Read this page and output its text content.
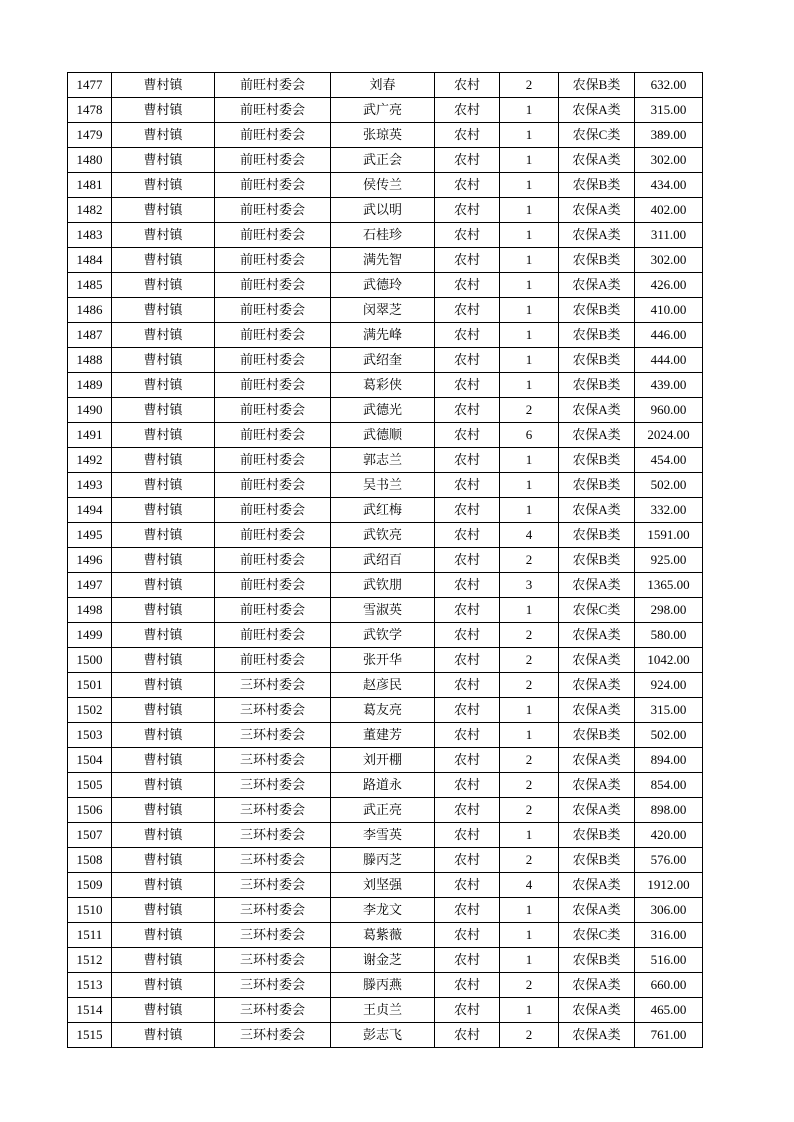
1477	曹村镇	前旺村委会	刘春	农村	2	农保B类	632.00
1478	曹村镇	前旺村委会	武广亮	农村	1	农保A类	315.00
1479	曹村镇	前旺村委会	张琼英	农村	1	农保C类	389.00
1480	曹村镇	前旺村委会	武正会	农村	1	农保A类	302.00
1481	曹村镇	前旺村委会	侯传兰	农村	1	农保B类	434.00
1482	曹村镇	前旺村委会	武以明	农村	1	农保A类	402.00
1483	曹村镇	前旺村委会	石桂珍	农村	1	农保A类	311.00
1484	曹村镇	前旺村委会	满先智	农村	1	农保B类	302.00
1485	曹村镇	前旺村委会	武德玲	农村	1	农保A类	426.00
1486	曹村镇	前旺村委会	闵翠芝	农村	1	农保B类	410.00
1487	曹村镇	前旺村委会	满先峰	农村	1	农保B类	446.00
1488	曹村镇	前旺村委会	武绍奎	农村	1	农保B类	444.00
1489	曹村镇	前旺村委会	葛彩侠	农村	1	农保B类	439.00
1490	曹村镇	前旺村委会	武德光	农村	2	农保A类	960.00
1491	曹村镇	前旺村委会	武德顺	农村	6	农保A类	2024.00
1492	曹村镇	前旺村委会	郭志兰	农村	1	农保B类	454.00
1493	曹村镇	前旺村委会	吴书兰	农村	1	农保B类	502.00
1494	曹村镇	前旺村委会	武红梅	农村	1	农保A类	332.00
1495	曹村镇	前旺村委会	武钦亮	农村	4	农保B类	1591.00
1496	曹村镇	前旺村委会	武绍百	农村	2	农保B类	925.00
1497	曹村镇	前旺村委会	武钦朋	农村	3	农保A类	1365.00
1498	曹村镇	前旺村委会	雪淑英	农村	1	农保C类	298.00
1499	曹村镇	前旺村委会	武钦学	农村	2	农保A类	580.00
1500	曹村镇	前旺村委会	张开华	农村	2	农保A类	1042.00
1501	曹村镇	三环村委会	赵彦民	农村	2	农保A类	924.00
1502	曹村镇	三环村委会	葛友亮	农村	1	农保A类	315.00
1503	曹村镇	三环村委会	董建芳	农村	1	农保B类	502.00
1504	曹村镇	三环村委会	刘开棚	农村	2	农保A类	894.00
1505	曹村镇	三环村委会	路道永	农村	2	农保A类	854.00
1506	曹村镇	三环村委会	武正亮	农村	2	农保A类	898.00
1507	曹村镇	三环村委会	李雪英	农村	1	农保B类	420.00
1508	曹村镇	三环村委会	滕丙芝	农村	2	农保B类	576.00
1509	曹村镇	三环村委会	刘坚强	农村	4	农保A类	1912.00
1510	曹村镇	三环村委会	李龙文	农村	1	农保A类	306.00
1511	曹村镇	三环村委会	葛紫薇	农村	1	农保C类	316.00
1512	曹村镇	三环村委会	谢金芝	农村	1	农保B类	516.00
1513	曹村镇	三环村委会	滕丙燕	农村	2	农保A类	660.00
1514	曹村镇	三环村委会	王贞兰	农村	1	农保A类	465.00
1515	曹村镇	三环村委会	彭志飞	农村	2	农保A类	761.00
